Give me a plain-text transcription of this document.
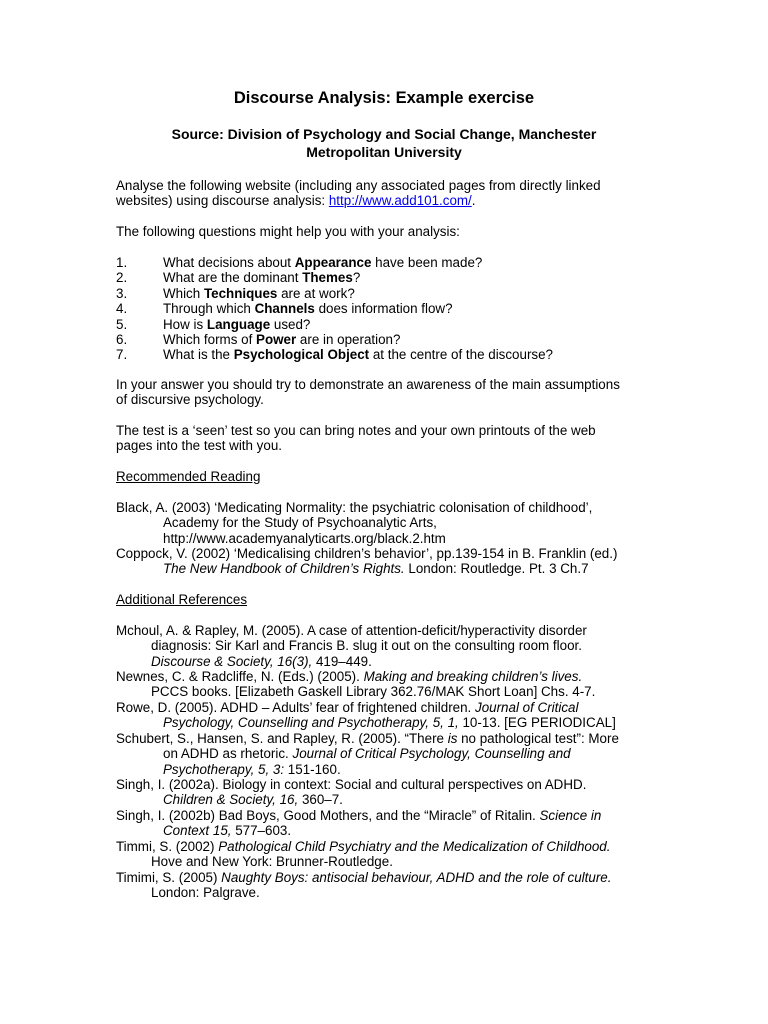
Discourse Analysis: Example exercise
Source: Division of Psychology and Social Change, Manchester
Metropolitan University
Analyse the following website (including any associated pages from directly linked
websites) using discourse analysis: http://www.add101.com/.
The following questions might help you with your analysis:
1.	What decisions about Appearance have been made?
2.	What are the dominant Themes?
3.	Which Techniques are at work?
4.	Through which Channels does information flow?
5.	How is Language used?
6.	Which forms of Power are in operation?
7.	What is the Psychological Object at the centre of the discourse?
In your answer you should try to demonstrate an awareness of the main assumptions
of discursive psychology.
The test is a ‘seen’ test so you can bring notes and your own printouts of the web
pages into the test with you.
Recommended Reading
Black, A. (2003) ‘Medicating Normality: the psychiatric colonisation of childhood’,

Academy for the Study of Psychoanalytic Arts,
http://www.academyanalyticarts.org/black.2.htm
Coppock, V. (2002) ‘Medicalising children’s behavior’, pp.139-154 in B. Franklin (ed.)

The New Handbook of Children’s Rights. London: Routledge. Pt. 3 Ch.7
Additional References
Mchoul, A. & Rapley, M. (2005). A case of attention-deficit/hyperactivity disorder

diagnosis: Sir Karl and Francis B. slug it out on the consulting room floor.
Discourse & Society, 16(3), 419–449.
Newnes, C. & Radcliffe, N. (Eds.) (2005). Making and breaking children’s lives.

PCCS books. [Elizabeth Gaskell Library 362.76/MAK Short Loan] Chs. 4-7.
Rowe, D. (2005). ADHD – Adults’ fear of frightened children. Journal of Critical

Psychology, Counselling and Psychotherapy, 5, 1, 10-13. [EG PERIODICAL]
Schubert, S., Hansen, S. and Rapley, R. (2005). “There is no pathological test”: More

on ADHD as rhetoric. Journal of Critical Psychology, Counselling and
Psychotherapy, 5, 3: 151-160.
Singh, I. (2002a). Biology in context: Social and cultural perspectives on ADHD.

Children & Society, 16, 360–7.
Singh, I. (2002b) Bad Boys, Good Mothers, and the “Miracle” of Ritalin. Science in

Context 15, 577–603.
Timmi, S. (2002) Pathological Child Psychiatry and the Medicalization of Childhood.

Hove and New York: Brunner-Routledge.
Timimi, S. (2005) Naughty Boys: antisocial behaviour, ADHD and the role of culture.

London: Palgrave.
